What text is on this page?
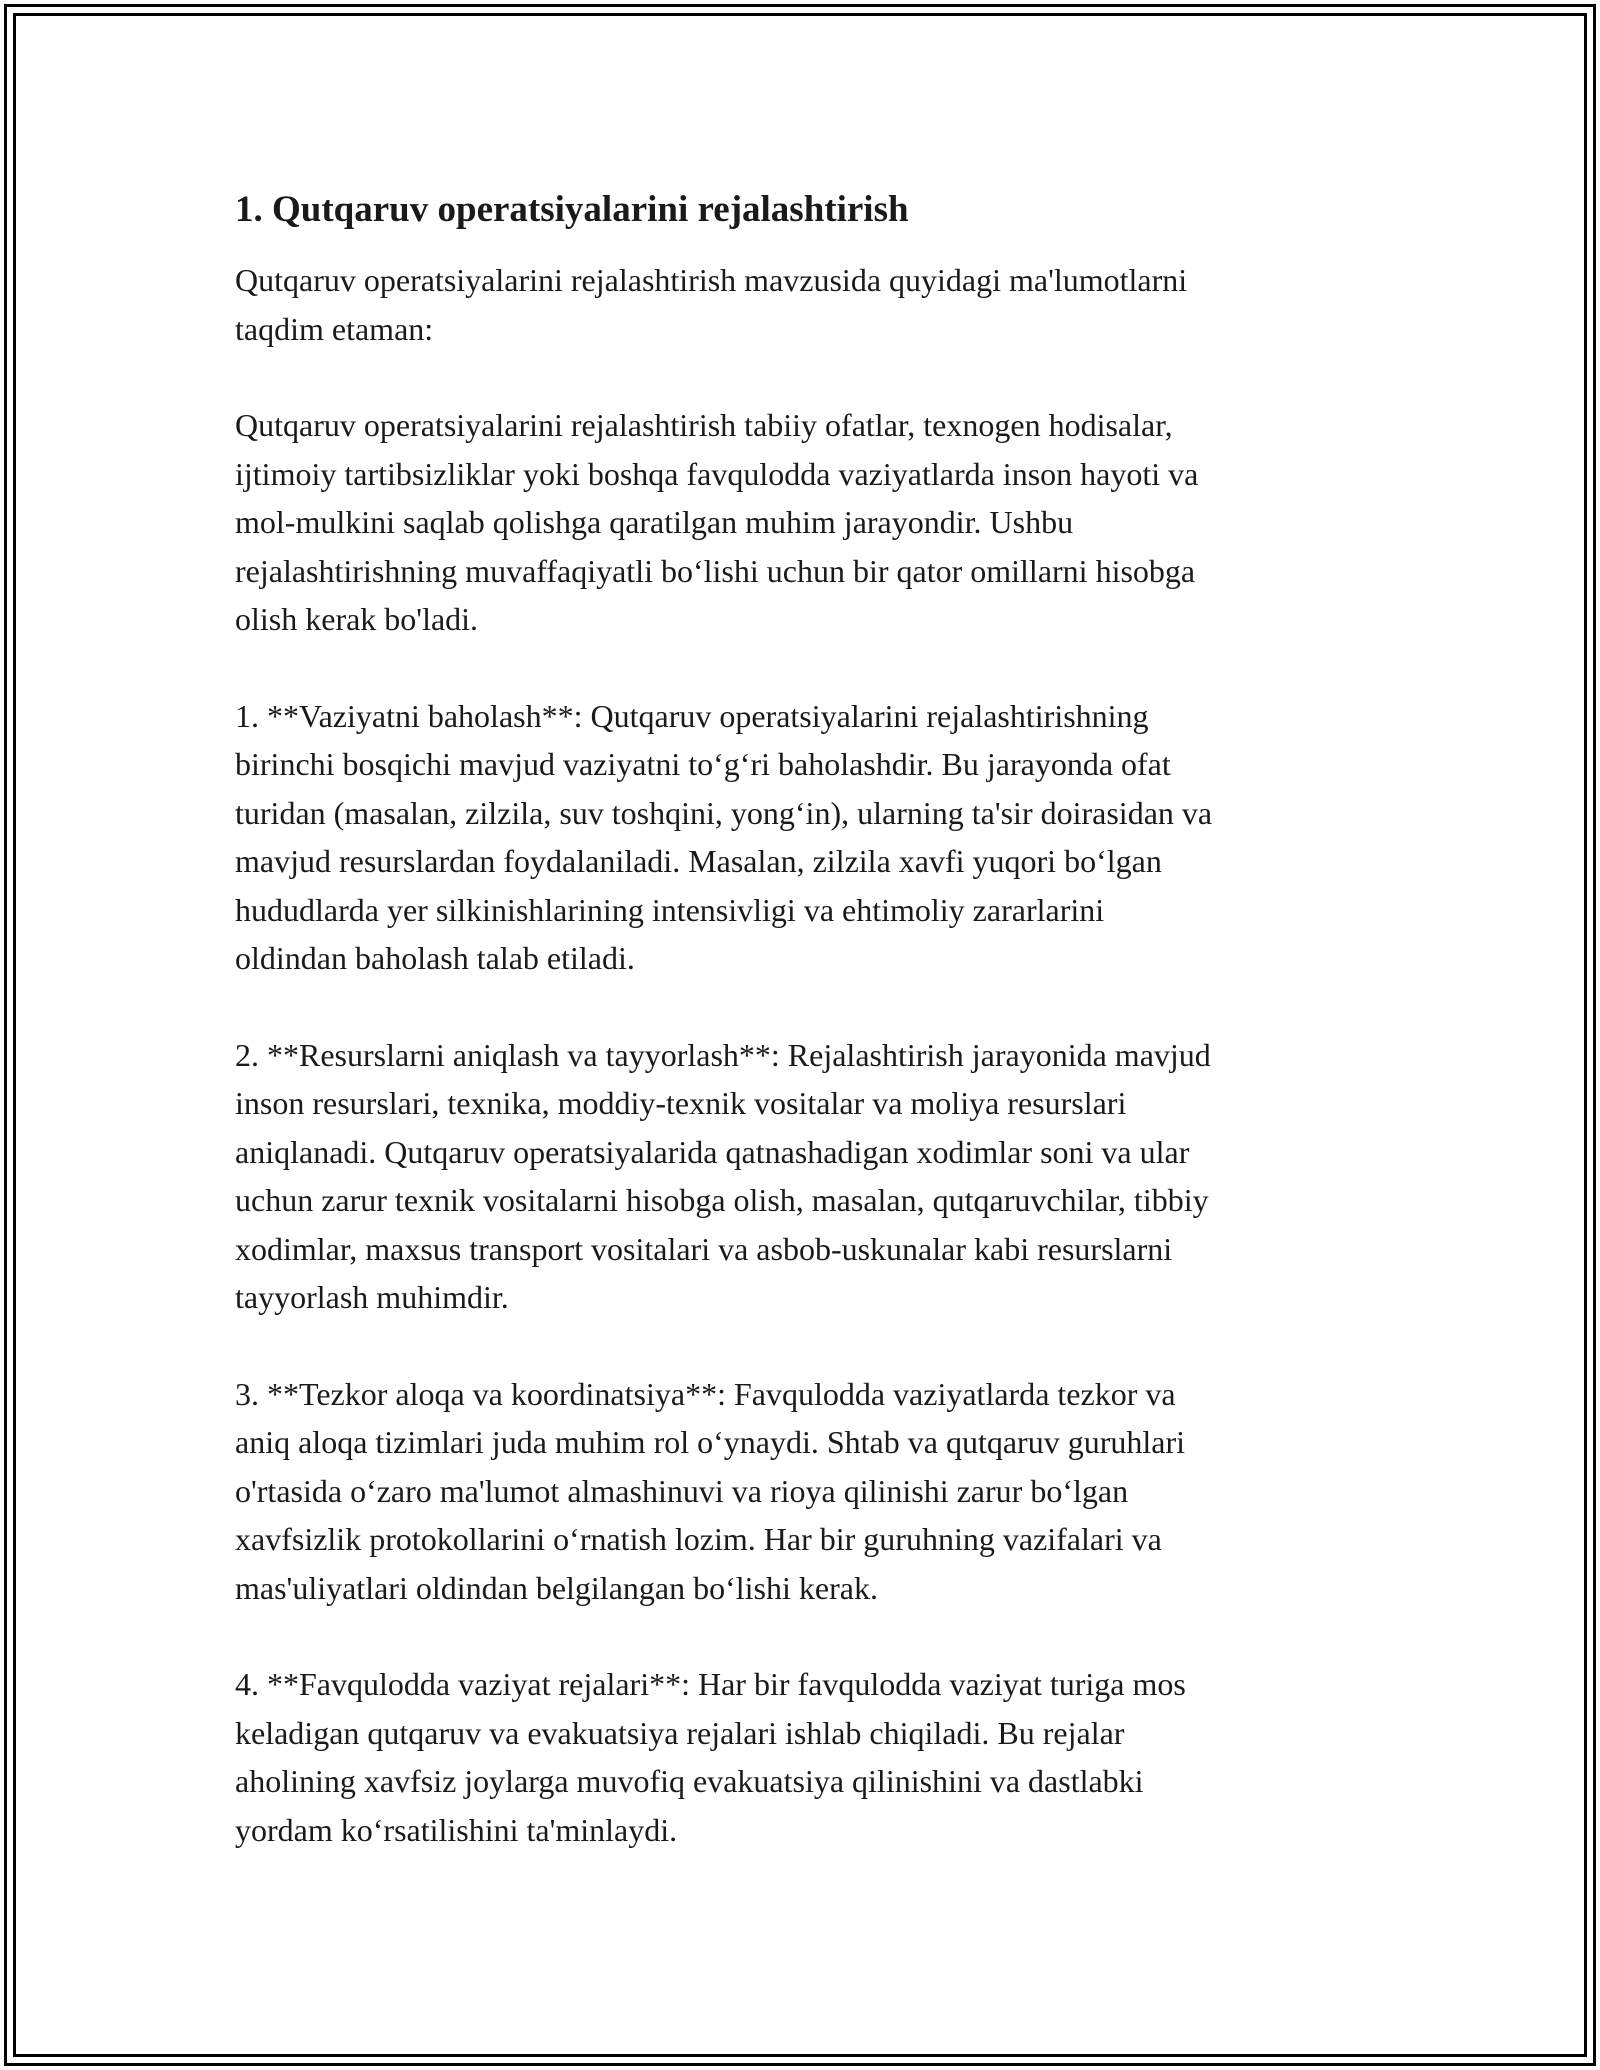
1. Qutqaruv operatsiyalarini rejalashtirish

Qutqaruv operatsiyalarini rejalashtirish mavzusida quyidagi ma'lumotlarni
taqdim etaman:

Qutqaruv operatsiyalarini rejalashtirish tabiiy ofatlar, texnogen hodisalar,
ijtimoiy tartibsizliklar yoki boshqa favqulodda vaziyatlarda inson hayoti va
mol-mulkini saqlab qolishga qaratilgan muhim jarayondir. Ushbu
rejalashtirishning muvaffaqiyatli bo‘lishi uchun bir qator omillarni hisobga
olish kerak bo'ladi.

1. **Vaziyatni baholash**: Qutqaruv operatsiyalarini rejalashtirishning
birinchi bosqichi mavjud vaziyatni to‘g‘ri baholashdir. Bu jarayonda ofat
turidan (masalan, zilzila, suv toshqini, yong‘in), ularning ta'sir doirasidan va
mavjud resurslardan foydalaniladi. Masalan, zilzila xavfi yuqori bo‘lgan
hududlarda yer silkinishlarining intensivligi va ehtimoliy zararlarini
oldindan baholash talab etiladi.

2. **Resurslarni aniqlash va tayyorlash**: Rejalashtirish jarayonida mavjud
inson resurslari, texnika, moddiy-texnik vositalar va moliya resurslari
aniqlanadi. Qutqaruv operatsiyalarida qatnashadigan xodimlar soni va ular
uchun zarur texnik vositalarni hisobga olish, masalan, qutqaruvchilar, tibbiy
xodimlar, maxsus transport vositalari va asbob-uskunalar kabi resurslarni
tayyorlash muhimdir.

3. **Tezkor aloqa va koordinatsiya**: Favqulodda vaziyatlarda tezkor va
aniq aloqa tizimlari juda muhim rol o‘ynaydi. Shtab va qutqaruv guruhlari
o'rtasida o‘zaro ma'lumot almashinuvi va rioya qilinishi zarur bo‘lgan
xavfsizlik protokollarini o‘rnatish lozim. Har bir guruhning vazifalari va
mas'uliyatlari oldindan belgilangan bo‘lishi kerak.

4. **Favqulodda vaziyat rejalari**: Har bir favqulodda vaziyat turiga mos
keladigan qutqaruv va evakuatsiya rejalari ishlab chiqiladi. Bu rejalar
aholining xavfsiz joylarga muvofiq evakuatsiya qilinishini va dastlabki
yordam ko‘rsatilishini ta'minlaydi.
